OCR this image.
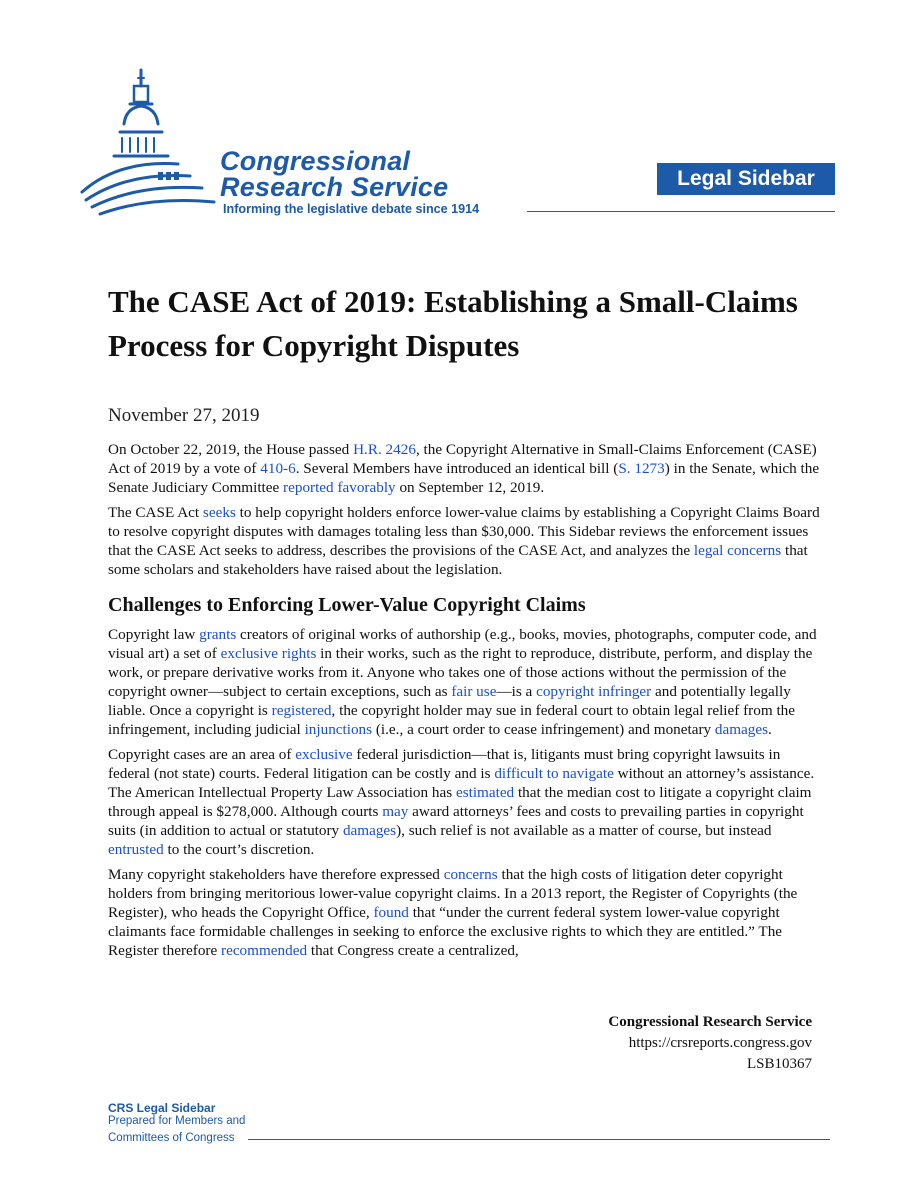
Congressional
Research Service
Informing the legislative debate since 1914
Legal Sidebar
The CASE Act of 2019: Establishing a Small-Claims Process for Copyright Disputes
November 27, 2019

On October 22, 2019, the House passed H.R. 2426, the Copyright Alternative in Small-Claims Enforcement (CASE) Act of 2019 by a vote of 410-6. Several Members have introduced an identical bill (S. 1273) in the Senate, which the Senate Judiciary Committee reported favorably on September 12, 2019.

The CASE Act seeks to help copyright holders enforce lower-value claims by establishing a Copyright Claims Board to resolve copyright disputes with damages totaling less than $30,000. This Sidebar reviews the enforcement issues that the CASE Act seeks to address, describes the provisions of the CASE Act, and analyzes the legal concerns that some scholars and stakeholders have raised about the legislation.

Challenges to Enforcing Lower-Value Copyright Claims

Copyright law grants creators of original works of authorship (e.g., books, movies, photographs, computer code, and visual art) a set of exclusive rights in their works, such as the right to reproduce, distribute, perform, and display the work, or prepare derivative works from it. Anyone who takes one of those actions without the permission of the copyright owner—subject to certain exceptions, such as fair use—is a copyright infringer and potentially legally liable. Once a copyright is registered, the copyright holder may sue in federal court to obtain legal relief from the infringement, including judicial injunctions (i.e., a court order to cease infringement) and monetary damages.

Copyright cases are an area of exclusive federal jurisdiction—that is, litigants must bring copyright lawsuits in federal (not state) courts. Federal litigation can be costly and is difficult to navigate without an attorney’s assistance. The American Intellectual Property Law Association has estimated that the median cost to litigate a copyright claim through appeal is $278,000. Although courts may award attorneys’ fees and costs to prevailing parties in copyright suits (in addition to actual or statutory damages), such relief is not available as a matter of course, but instead entrusted to the court’s discretion.

Many copyright stakeholders have therefore expressed concerns that the high costs of litigation deter copyright holders from bringing meritorious lower-value copyright claims. In a 2013 report, the Register of Copyrights (the Register), who heads the Copyright Office, found that “under the current federal system lower-value copyright claimants face formidable challenges in seeking to enforce the exclusive rights to which they are entitled.” The Register therefore recommended that Congress create a centralized,

Congressional Research Service
https://crsreports.congress.gov
LSB10367
CRS Legal Sidebar
Prepared for Members and
Committees of Congress
